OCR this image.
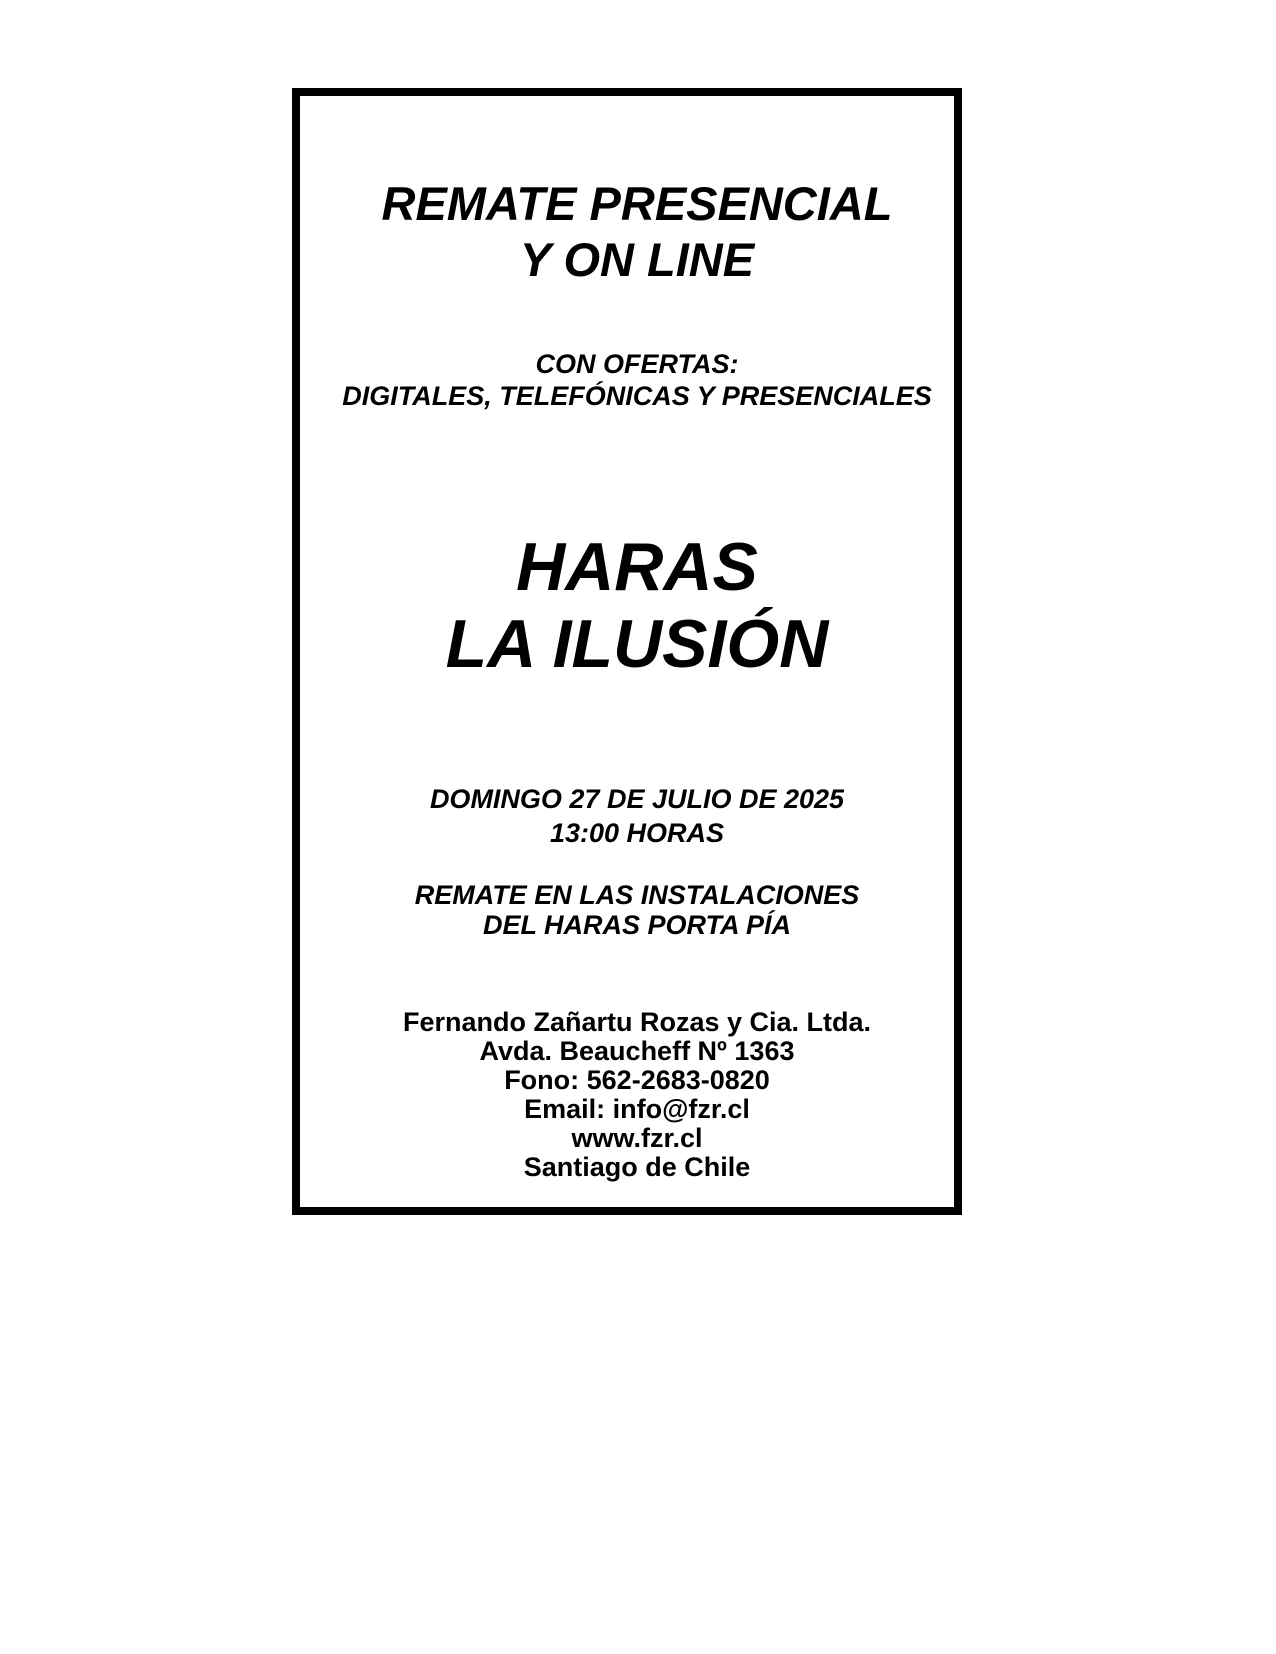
REMATE PRESENCIAL
Y ON LINE
CON OFERTAS:
DIGITALES, TELEFÓNICAS Y PRESENCIALES
HARAS
LA ILUSIÓN
DOMINGO 27 DE JULIO DE 2025
13:00 HORAS
REMATE EN LAS INSTALACIONES
DEL HARAS PORTA PÍA
Fernando Zañartu Rozas y Cia. Ltda.
Avda. Beaucheff Nº 1363
Fono: 562-2683-0820
Email: info@fzr.cl
www.fzr.cl
Santiago de Chile
